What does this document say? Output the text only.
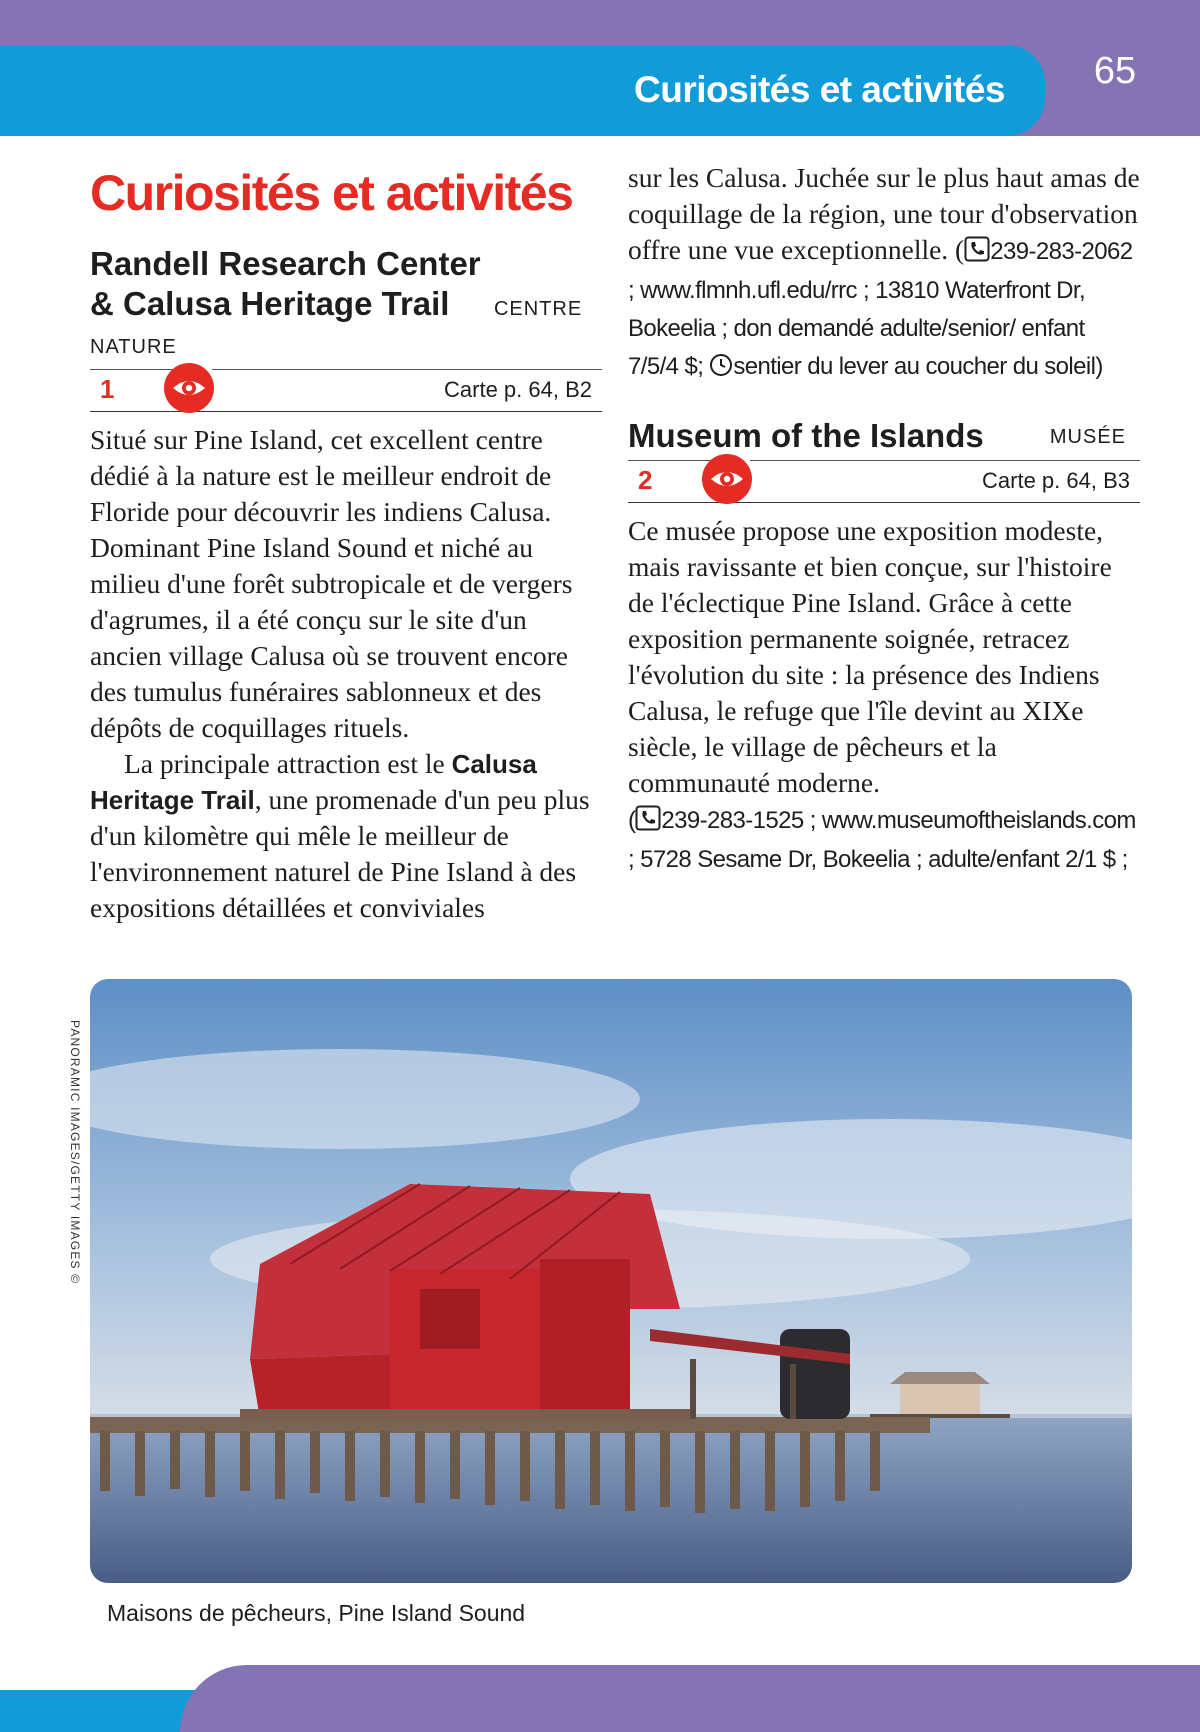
Curiosités et activités	65
Curiosités et activités
Randell Research Center
& Calusa Heritage Trail CENTRE
NATURE
1	Carte p. 64, B2

Situé sur Pine Island, cet excellent centre dédié à la nature est le meilleur endroit de Floride pour découvrir les indiens Calusa. Dominant Pine Island Sound et niché au milieu d'une forêt subtropicale et de vergers d'agrumes, il a été conçu sur le site d'un ancien village Calusa où se trouvent encore des tumulus funéraires sablonneux et des dépôts de coquillages rituels.

La principale attraction est le Calusa Heritage Trail, une promenade d'un peu plus d'un kilomètre qui mêle le meilleur de l'environnement naturel de Pine Island à des expositions détaillées et conviviales

sur les Calusa. Juchée sur le plus haut amas de coquillage de la région, une tour d'observation offre une vue exceptionnelle. ( 239-283-2062 ; www.flmnh.ufl.edu/rrc ; 13810 Waterfront Dr, Bokeelia ; don demandé adulte/senior/ enfant 7/5/4 $; sentier du lever au coucher du soleil)

Museum of the Islands	MUSÉE
2	Carte p. 64, B3

Ce musée propose une exposition modeste, mais ravissante et bien conçue, sur l'histoire de l'éclectique Pine Island. Grâce à cette exposition permanente soignée, retracez l'évolution du site : la présence des Indiens Calusa, le refuge que l'île devint au XIXe siècle, le village de pêcheurs et la communauté moderne.

( 239-283-1525 ; www.museumoftheislands.com ; 5728 Sesame Dr, Bokeelia ; adulte/enfant 2/1 $ ;

PANORAMIC IMAGES/GETTY IMAGES ©
Maisons de pêcheurs, Pine Island Sound
